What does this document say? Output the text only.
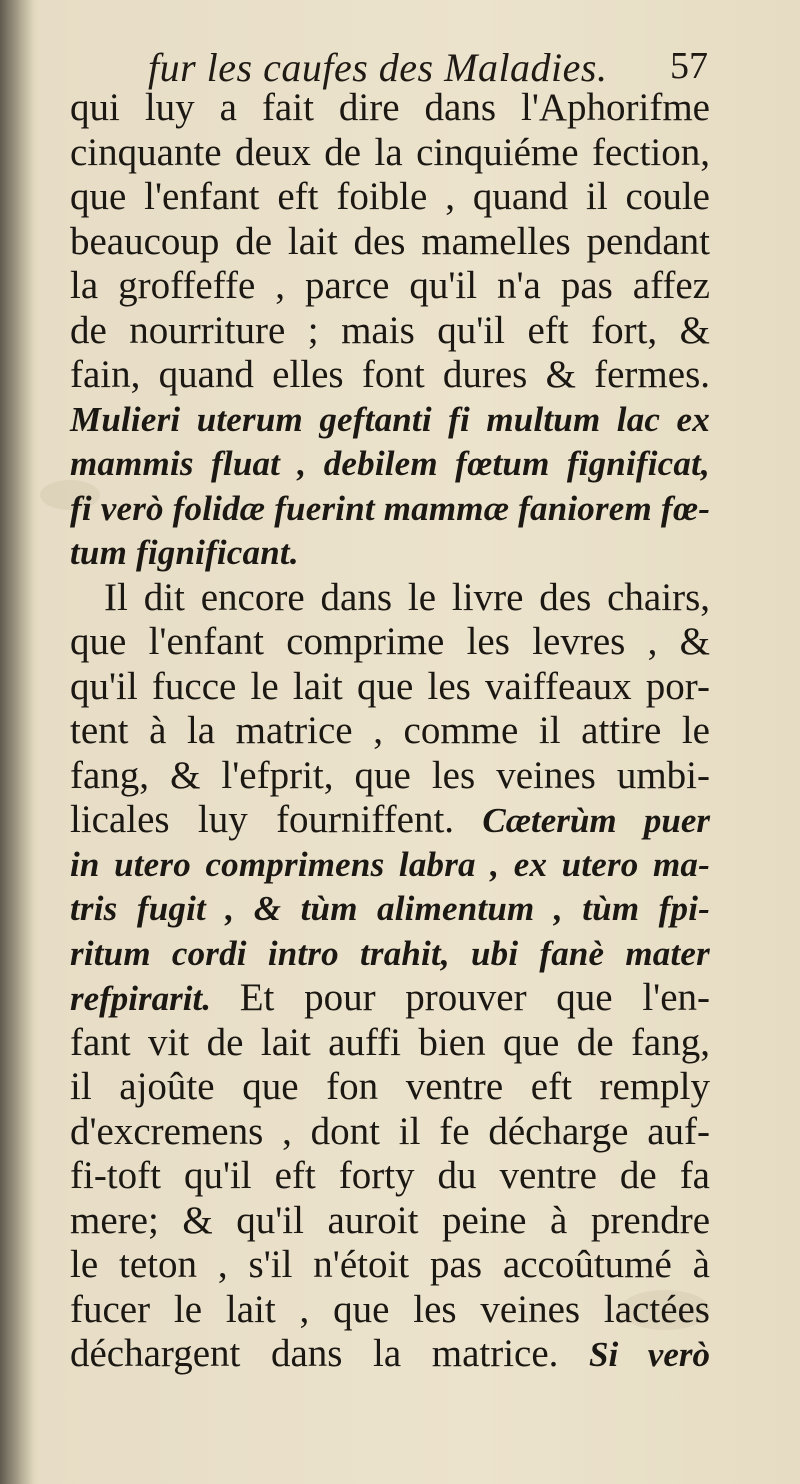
fur les caufes des Maladies. 57
qui luy a fait dire dans l'Aphorifme
cinquante deux de la cinquiéme fection,
que l'enfant eft foible , quand il coule
beaucoup de lait des mamelles pendant
la groffeffe , parce qu'il n'a pas affez
de nourriture ; mais qu'il eft fort, &
fain, quand elles font dures & fermes.
Mulieri uterum geftanti fi multum lac ex
mammis fluat , debilem fœtum fignificat,
fi verò folidæ fuerint mammæ faniorem fœ-
tum fignificant.
Il dit encore dans le livre des chairs,
que l'enfant comprime les levres , &
qu'il fucce le lait que les vaiffeaux por-
tent à la matrice , comme il attire le
fang, & l'efprit, que les veines umbi-
licales luy fourniffent. Cæterùm puer
in utero comprimens labra , ex utero ma-
tris fugit , & tùm alimentum , tùm fpi-
ritum cordi intro trahit, ubi fanè mater
refpirarit. Et pour prouver que l'en-
fant vit de lait auffi bien que de fang,
il ajoûte que fon ventre eft remply
d'excremens , dont il fe décharge auf-
fi-toft qu'il eft forty du ventre de fa
mere; & qu'il auroit peine à prendre
le teton , s'il n'étoit pas accoûtumé à
fucer le lait , que les veines lactées
déchargent dans la matrice. Si verò
